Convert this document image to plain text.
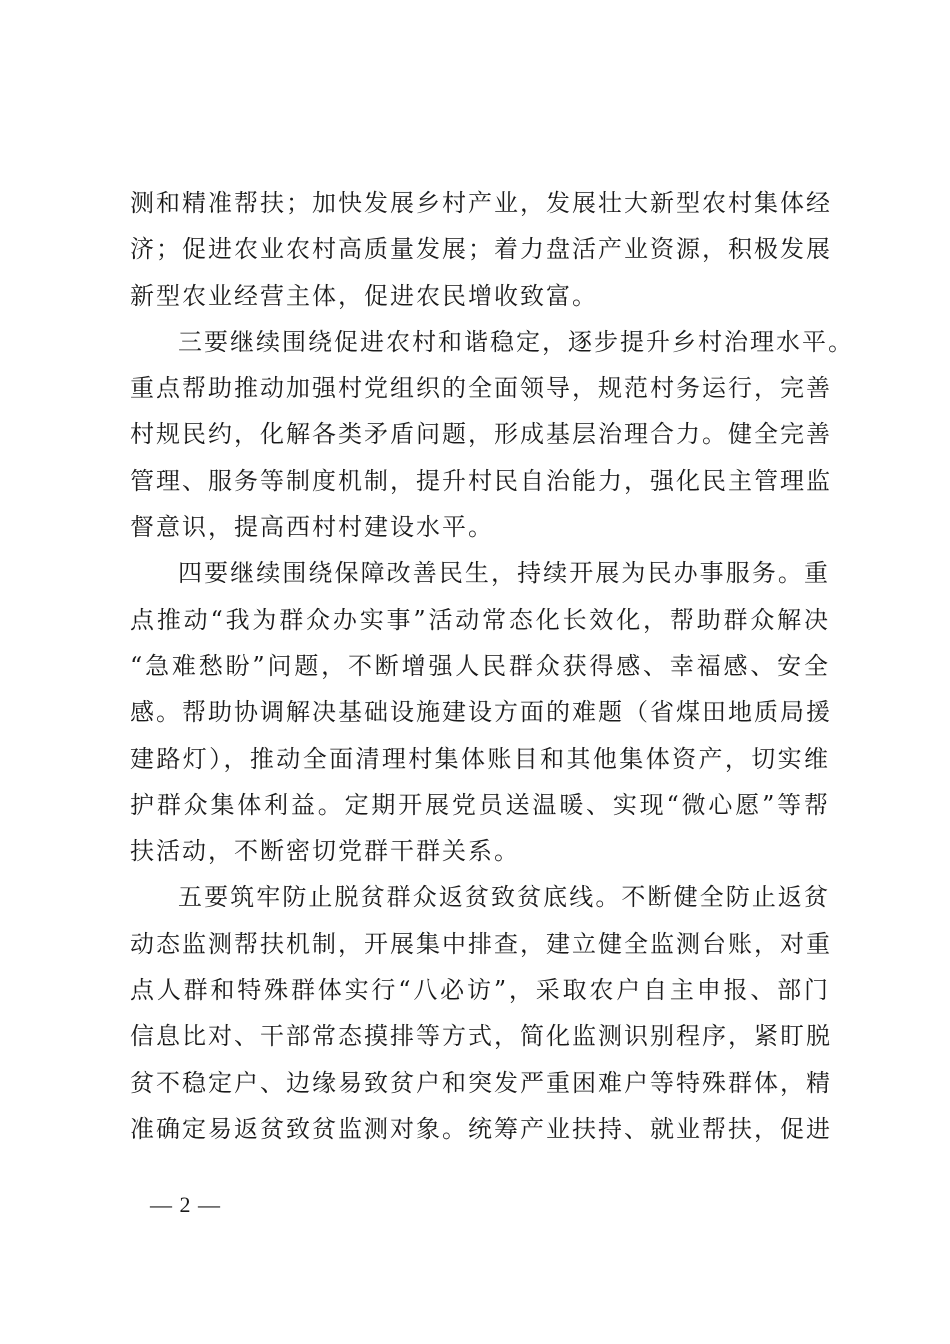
测和精准帮扶；加快发展乡村产业，发展壮大新型农村集体经
济；促进农业农村高质量发展；着力盘活产业资源，积极发展
新型农业经营主体，促进农民增收致富。
三要继续围绕促进农村和谐稳定，逐步提升乡村治理水平。
重点帮助推动加强村党组织的全面领导，规范村务运行，完善
村规民约，化解各类矛盾问题，形成基层治理合力。健全完善
管理、服务等制度机制，提升村民自治能力，强化民主管理监
督意识，提高西村村建设水平。
四要继续围绕保障改善民生，持续开展为民办事服务。重
点推动“我为群众办实事”活动常态化长效化，帮助群众解决
“急难愁盼”问题，不断增强人民群众获得感、幸福感、安全
感。帮助协调解决基础设施建设方面的难题（省煤田地质局援
建路灯），推动全面清理村集体账目和其他集体资产，切实维
护群众集体利益。定期开展党员送温暖、实现“微心愿”等帮
扶活动，不断密切党群干群关系。
五要筑牢防止脱贫群众返贫致贫底线。不断健全防止返贫
动态监测帮扶机制，开展集中排查，建立健全监测台账，对重
点人群和特殊群体实行“八必访”，采取农户自主申报、部门
信息比对、干部常态摸排等方式，简化监测识别程序，紧盯脱
贫不稳定户、边缘易致贫户和突发严重困难户等特殊群体，精
准确定易返贫致贫监测对象。统筹产业扶持、就业帮扶，促进
— 2 —
